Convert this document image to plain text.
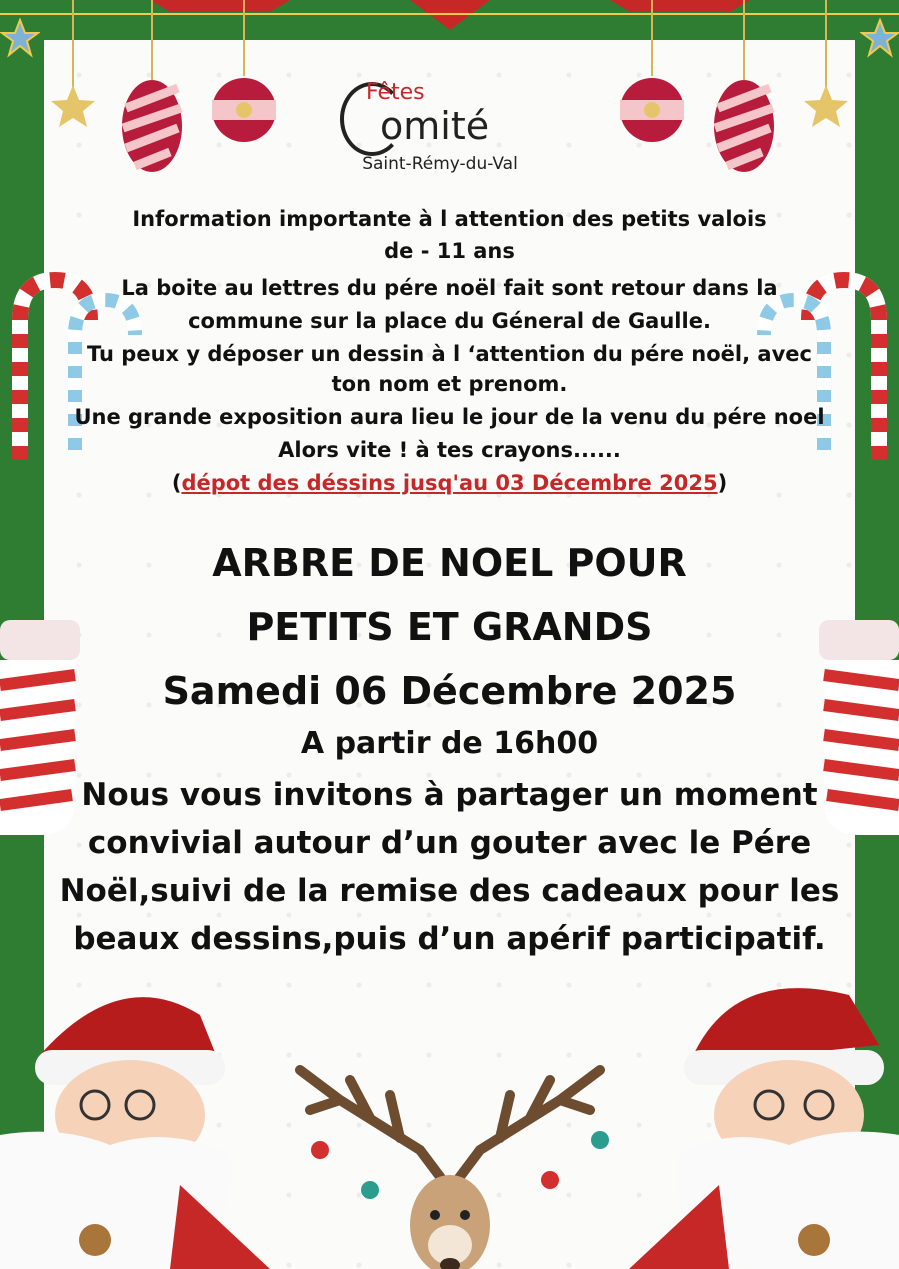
Fêtes
omité
Saint-Rémy-du-Val

Information importante à l attention des petits valois

de - 11 ans

La boite au lettres du pére noël fait sont retour dans la

commune sur la place du Géneral de Gaulle.

Tu peux y déposer un dessin à l ‘attention du pére noël, avec

ton nom et prenom.

Une grande exposition aura lieu le jour de la venu du pére noel

Alors vite ! à tes crayons......

(dépot des déssins jusq'au 03 Décembre 2025)

ARBRE DE NOEL POUR

PETITS ET GRANDS

Samedi 06 Décembre 2025

A partir de 16h00

Nous vous invitons à partager un moment

convivial autour d’un gouter avec le Pére

Noël,suivi de la remise des cadeaux pour les

beaux dessins,puis d’un apérif participatif.
